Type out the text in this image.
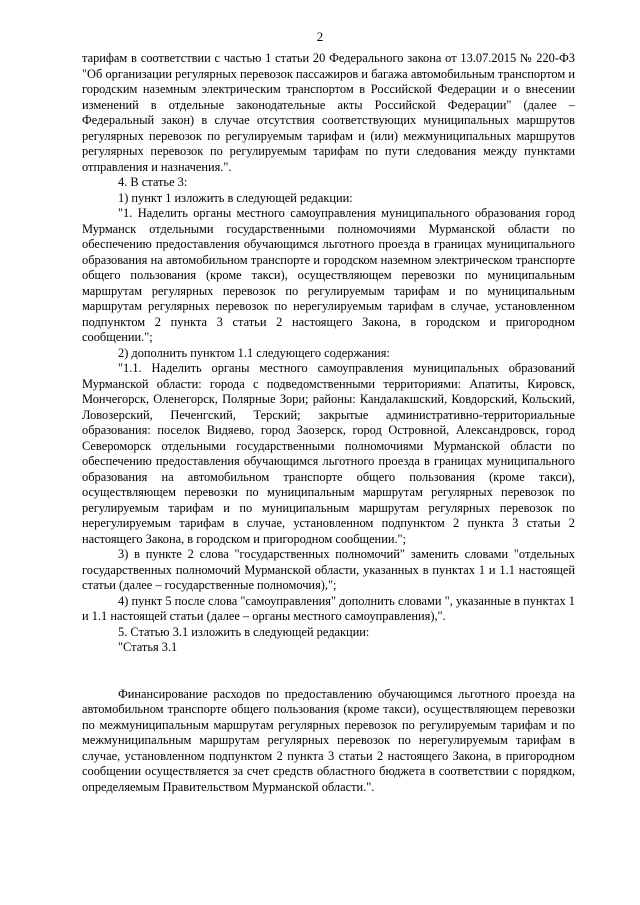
2

тарифам в соответствии с частью 1 статьи 20 Федерального закона от 13.07.2015 № 220-ФЗ "Об организации регулярных перевозок пассажиров и багажа автомобильным транспортом и городским наземным электрическим транспортом в Российской Федерации и о внесении изменений в отдельные законодательные акты Российской Федерации" (далее – Федеральный закон) в случае отсутствия соответствующих муниципальных маршрутов регулярных перевозок по регулируемым тарифам и (или) межмуниципальных маршрутов регулярных перевозок по регулируемым тарифам по пути следования между пунктами отправления и назначения.".

4. В статье 3:

1) пункт 1 изложить в следующей редакции:

"1. Наделить органы местного самоуправления муниципального образования город Мурманск отдельными государственными полномочиями Мурманской области по обеспечению предоставления обучающимся льготного проезда в границах муниципального образования на автомобильном транспорте и городском наземном электрическом транспорте общего пользования (кроме такси), осуществляющем перевозки по муниципальным маршрутам регулярных перевозок по регулируемым тарифам и по муниципальным маршрутам регулярных перевозок по нерегулируемым тарифам в случае, установленном подпунктом 2 пункта 3 статьи 2 настоящего Закона, в городском и пригородном сообщении.";

2) дополнить пунктом 1.1 следующего содержания:

"1.1. Наделить органы местного самоуправления муниципальных образований Мурманской области: города с подведомственными территориями: Апатиты, Кировск, Мончегорск, Оленегорск, Полярные Зори; районы: Кандалакшский, Ковдорский, Кольский, Ловозерский, Печенгский, Терский; закрытые административно-территориальные образования: поселок Видяево, город Заозерск, город Островной, Александровск, город Североморск отдельными государственными полномочиями Мурманской области по обеспечению предоставления обучающимся льготного проезда в границах муниципального образования на автомобильном транспорте общего пользования (кроме такси), осуществляющем перевозки по муниципальным маршрутам регулярных перевозок по регулируемым тарифам и по муниципальным маршрутам регулярных перевозок по нерегулируемым тарифам в случае, установленном подпунктом 2 пункта 3 статьи 2 настоящего Закона, в городском и пригородном сообщении.";

3) в пункте 2 слова "государственных полномочий" заменить словами "отдельных государственных полномочий Мурманской области, указанных в пунктах 1 и 1.1 настоящей статьи (далее – государственные полномочия),";

4) пункт 5 после слова "самоуправления" дополнить словами ", указанные в пунктах 1 и 1.1 настоящей статьи (далее – органы местного самоуправления),".

5. Статью 3.1 изложить в следующей редакции:

"Статья 3.1

Финансирование расходов по предоставлению обучающимся льготного проезда на автомобильном транспорте общего пользования (кроме такси), осуществляющем перевозки по межмуниципальным маршрутам регулярных перевозок по регулируемым тарифам и по межмуниципальным маршрутам регулярных перевозок по нерегулируемым тарифам в случае, установленном подпунктом 2 пункта 3 статьи 2 настоящего Закона, в пригородном сообщении осуществляется за счет средств областного бюджета в соответствии с порядком, определяемым Правительством Мурманской области.".
